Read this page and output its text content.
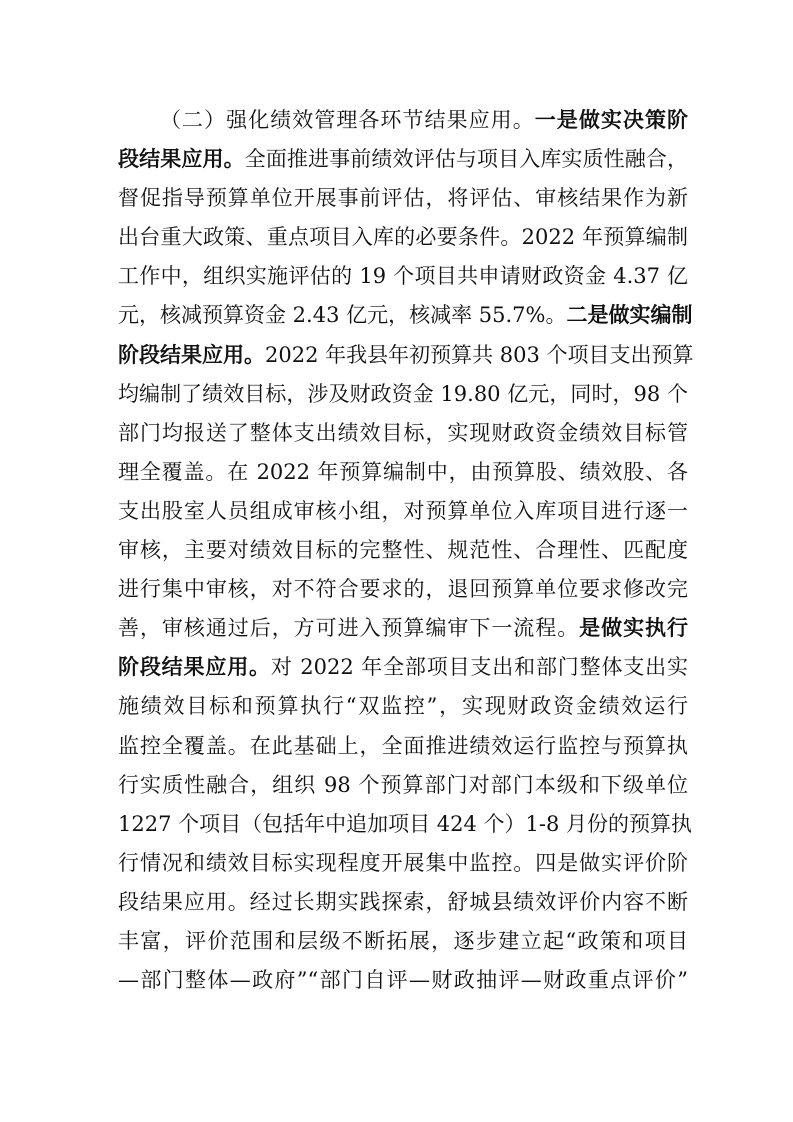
（二）强化绩效管理各环节结果应用。一是做实决策阶
段结果应用。全面推进事前绩效评估与项目入库实质性融合，
督促指导预算单位开展事前评估，将评估、审核结果作为新
出台重大政策、重点项目入库的必要条件。2022 年预算编制
工作中，组织实施评估的 19 个项目共申请财政资金 4.37 亿
元，核减预算资金 2.43 亿元，核减率 55.7%。二是做实编制
阶段结果应用。2022 年我县年初预算共 803 个项目支出预算
均编制了绩效目标，涉及财政资金 19.80 亿元，同时，98 个
部门均报送了整体支出绩效目标，实现财政资金绩效目标管
理全覆盖。在 2022 年预算编制中，由预算股、绩效股、各
支出股室人员组成审核小组，对预算单位入库项目进行逐一
审核，主要对绩效目标的完整性、规范性、合理性、匹配度
进行集中审核，对不符合要求的，退回预算单位要求修改完
善，审核通过后，方可进入预算编审下一流程。是做实执行
阶段结果应用。对 2022 年全部项目支出和部门整体支出实
施绩效目标和预算执行“双监控”，实现财政资金绩效运行
监控全覆盖。在此基础上，全面推进绩效运行监控与预算执
行实质性融合，组织 98 个预算部门对部门本级和下级单位
1227 个项目（包括年中追加项目 424 个）1-8 月份的预算执
行情况和绩效目标实现程度开展集中监控。四是做实评价阶
段结果应用。经过长期实践探索，舒城县绩效评价内容不断
丰富，评价范围和层级不断拓展，逐步建立起“政策和项目
—部门整体—政府”“部门自评—财政抽评—财政重点评价”
